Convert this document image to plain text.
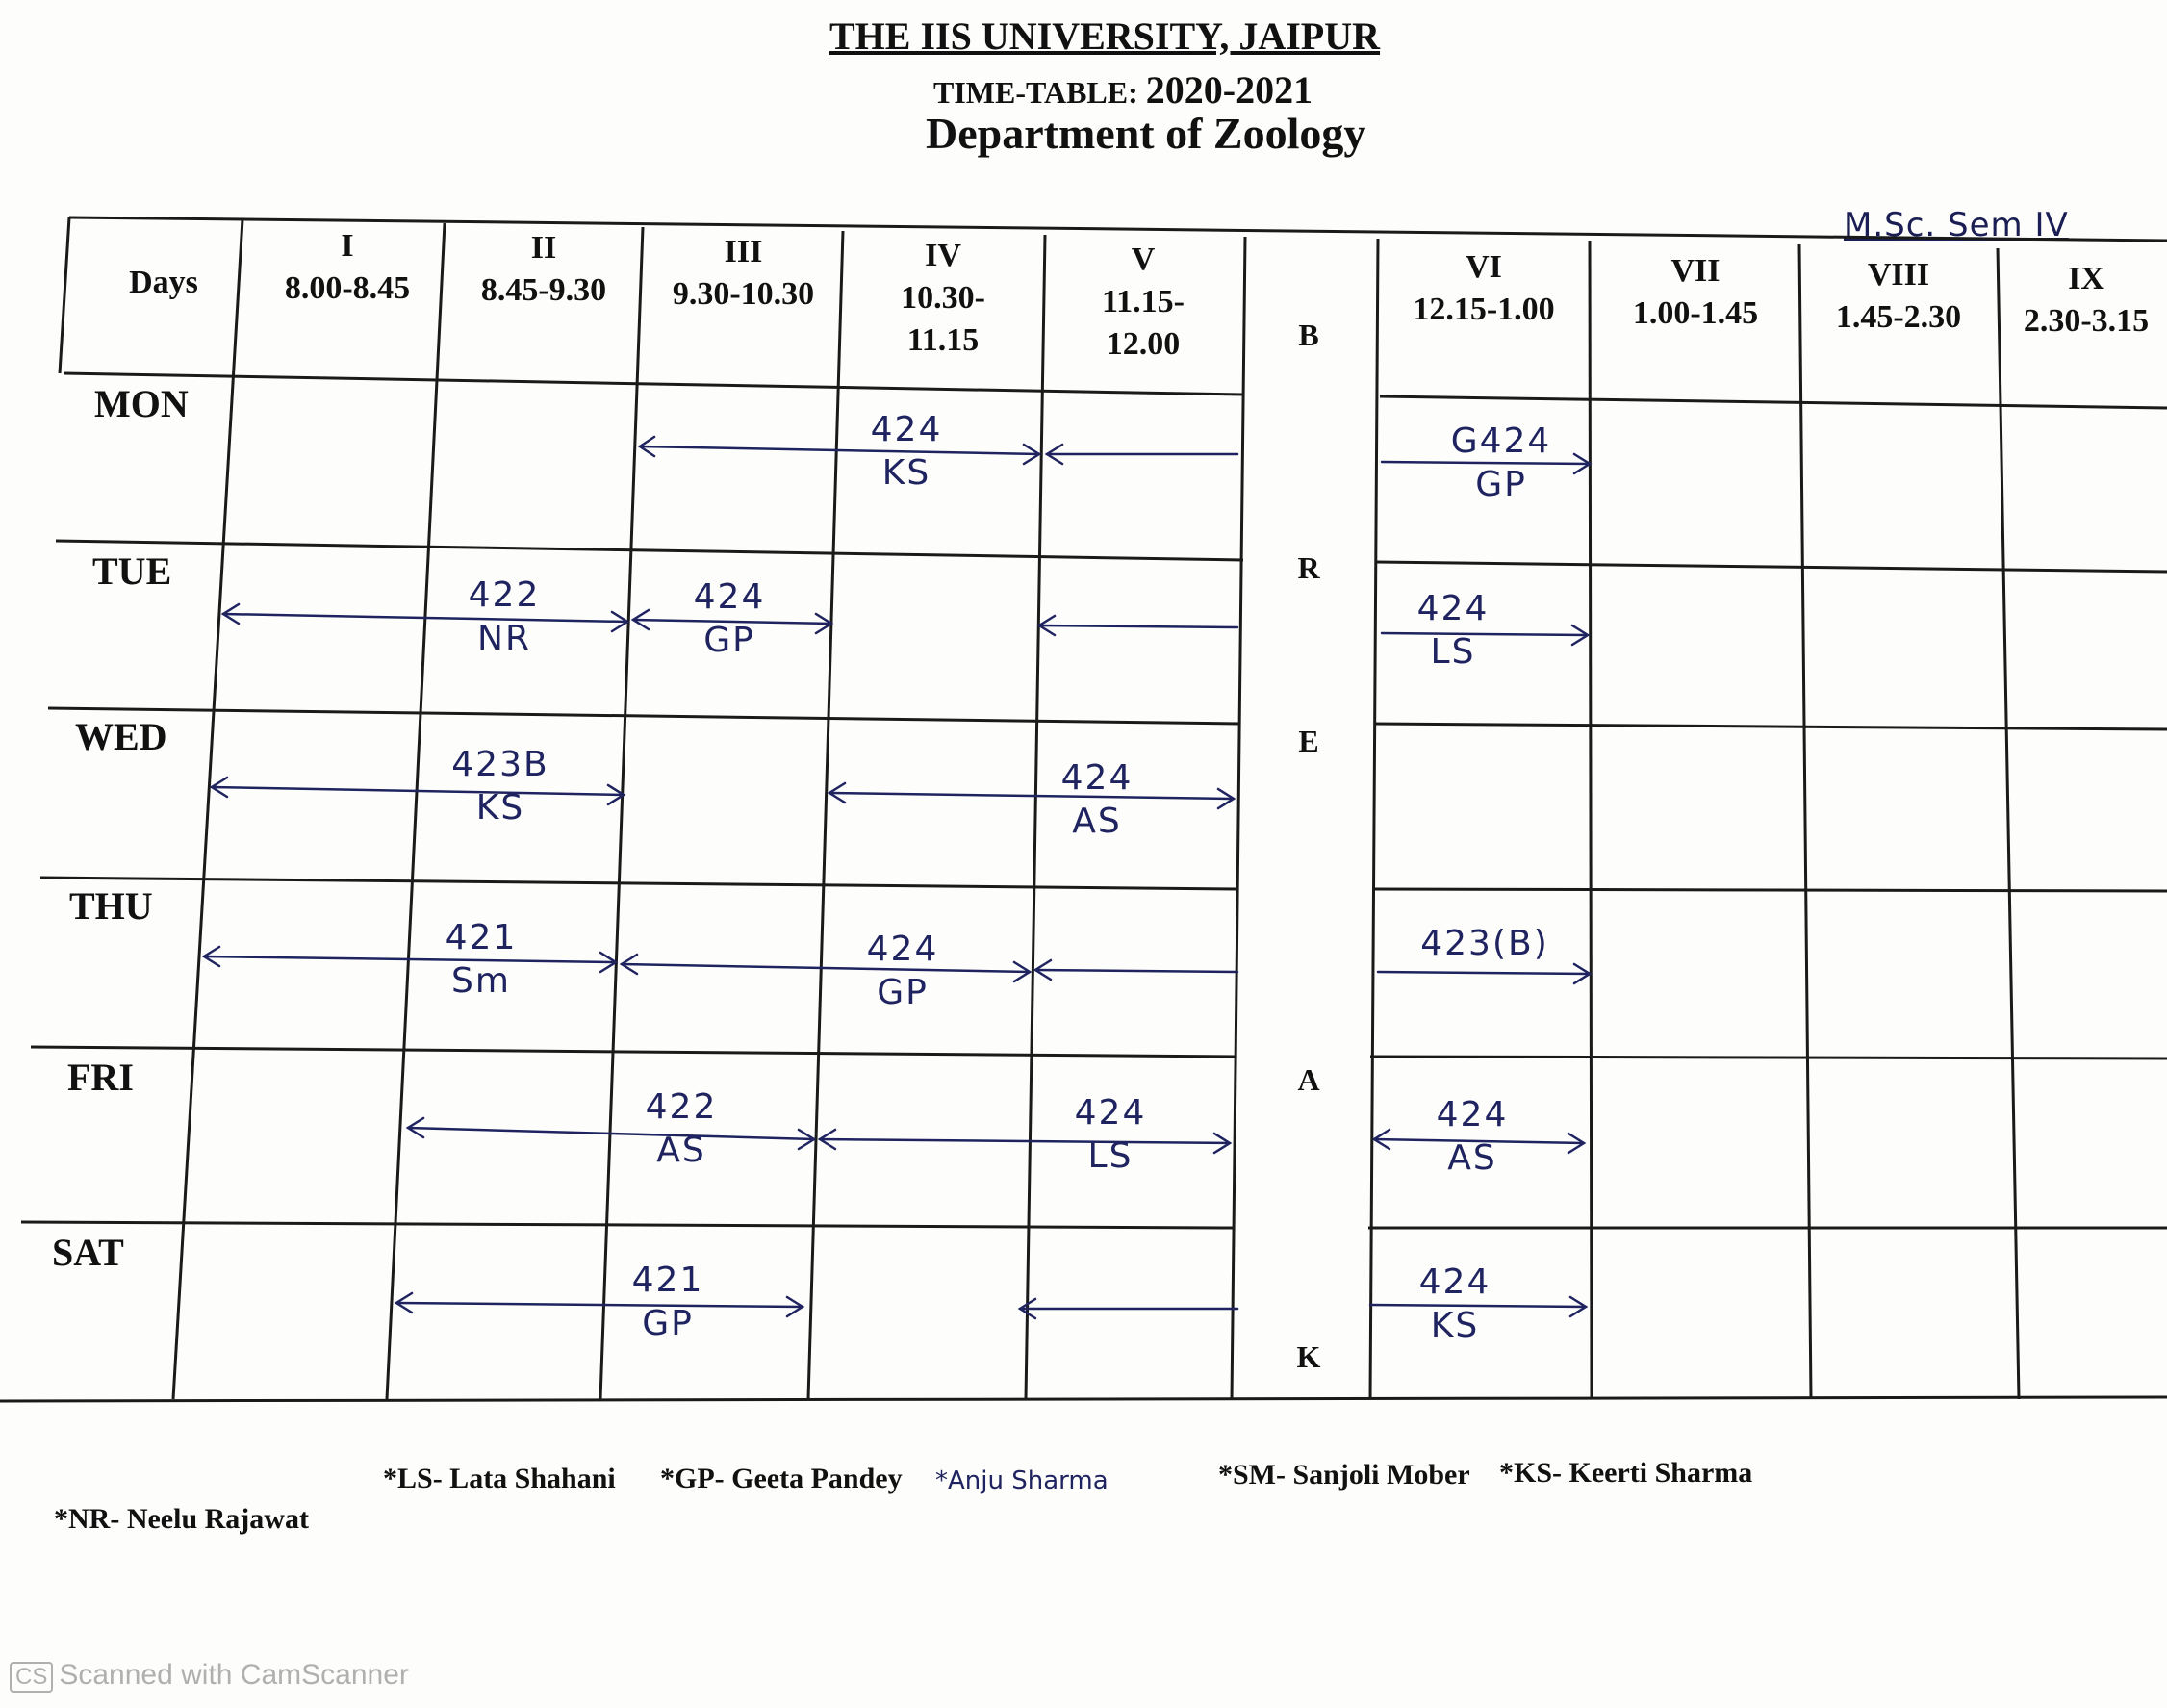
THE IIS UNIVERSITY, JAIPUR
TIME-TABLE: 2020-2021
Department of Zoology
M.Sc. Sem IV
Days
I
8.00-8.45
II
8.45-9.30
III
9.30-10.30
IV
10.30-
11.15
V
11.15-
12.00
VI
12.15-1.00
VII
1.00-1.45
VIII
1.45-2.30
IX
2.30-3.15
B
R
E
A
K
MON
TUE
WED
THU
FRI
SAT
424
KS
G424
GP
422
NR
424
GP
424
LS
423B
KS
424
AS
421
Sm
424
GP
423(B)
422
AS
424
LS
424
AS
421
GP
424
KS
*LS- Lata Shahani *GP- Geeta Pandey *Anju Sharma	*SM- Sanjoli Mober *KS- Keerti Sharma
*NR- Neelu Rajawat
CS Scanned with CamScanner
